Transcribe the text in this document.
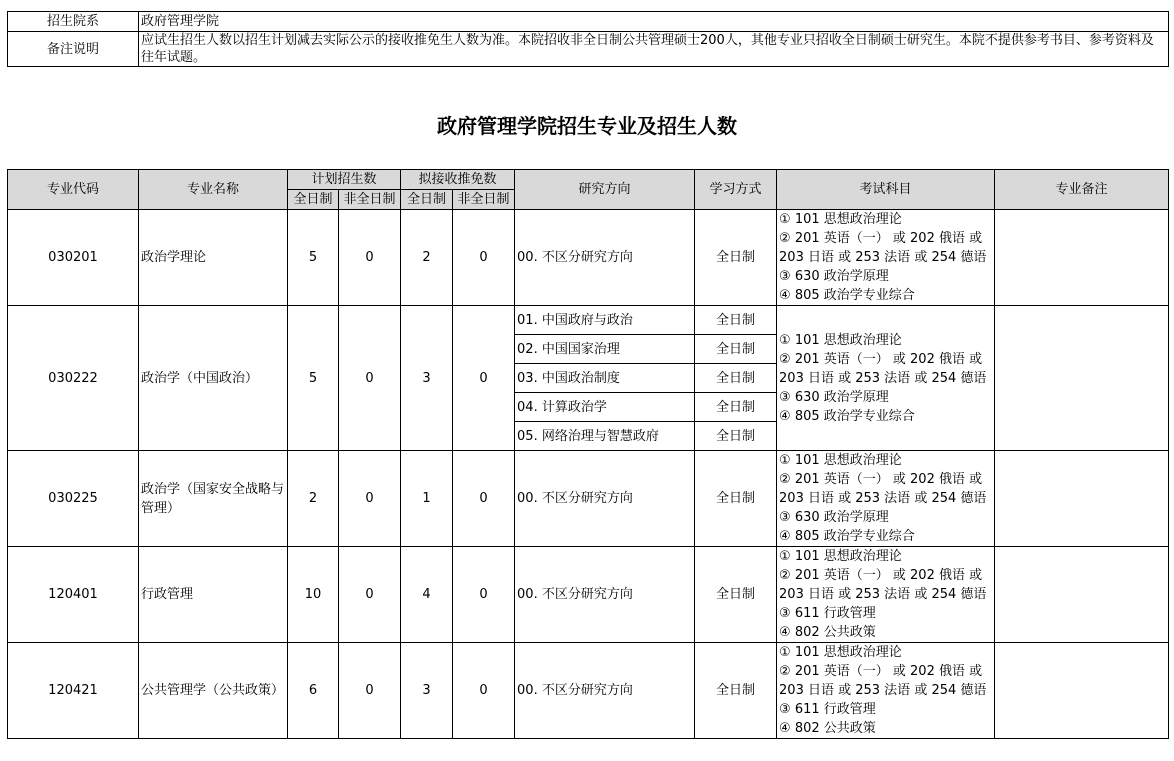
招生院系	政府管理学院
备注说明	应试生招生人数以招生计划减去实际公示的接收推免生人数为准。本院招收非全日制公共管理硕士200人，其他专业只招收全日制硕士研究生。本院不提供参考书目、参考资料及往年试题。
政府管理学院招生专业及招生人数
专业代码	专业名称	计划招生数		拟接收推免数		研究方向	学习方式	考试科目	专业备注
		全日制	非全日制	全日制	非全日制				
030201	政治学理论	5	0	2	0	00. 不区分研究方向	全日制	① 101 思想政治理论
② 201 英语（一） 或 202 俄语 或
203 日语 或 253 法语 或 254 德语
③ 630 政治学原理
④ 805 政治学专业综合	

030222	政治学（中国政治）	5	0	3	0	01. 中国政府与政治	全日制	① 101 思想政治理论
② 201 英语（一） 或 202 俄语 或
203 日语 或 253 法语 或 254 德语
③ 630 政治学原理
④ 805 政治学专业综合	

						02. 中国国家治理	全日制		
						03. 中国政治制度	全日制		
						04. 计算政治学	全日制		
						05. 网络治理与智慧政府	全日制		
030225	政治学（国家安全战略与管理）	2	0	1	0	00. 不区分研究方向	全日制	① 101 思想政治理论
② 201 英语（一） 或 202 俄语 或
203 日语 或 253 法语 或 254 德语
③ 630 政治学原理
④ 805 政治学专业综合	

120401	行政管理	10	0	4	0	00. 不区分研究方向	全日制	① 101 思想政治理论
② 201 英语（一） 或 202 俄语 或
203 日语 或 253 法语 或 254 德语
③ 611 行政管理
④ 802 公共政策	

120421	公共管理学（公共政策）	6	0	3	0	00. 不区分研究方向	全日制	① 101 思想政治理论
② 201 英语（一） 或 202 俄语 或
203 日语 或 253 法语 或 254 德语
③ 611 行政管理
④ 802 公共政策	
